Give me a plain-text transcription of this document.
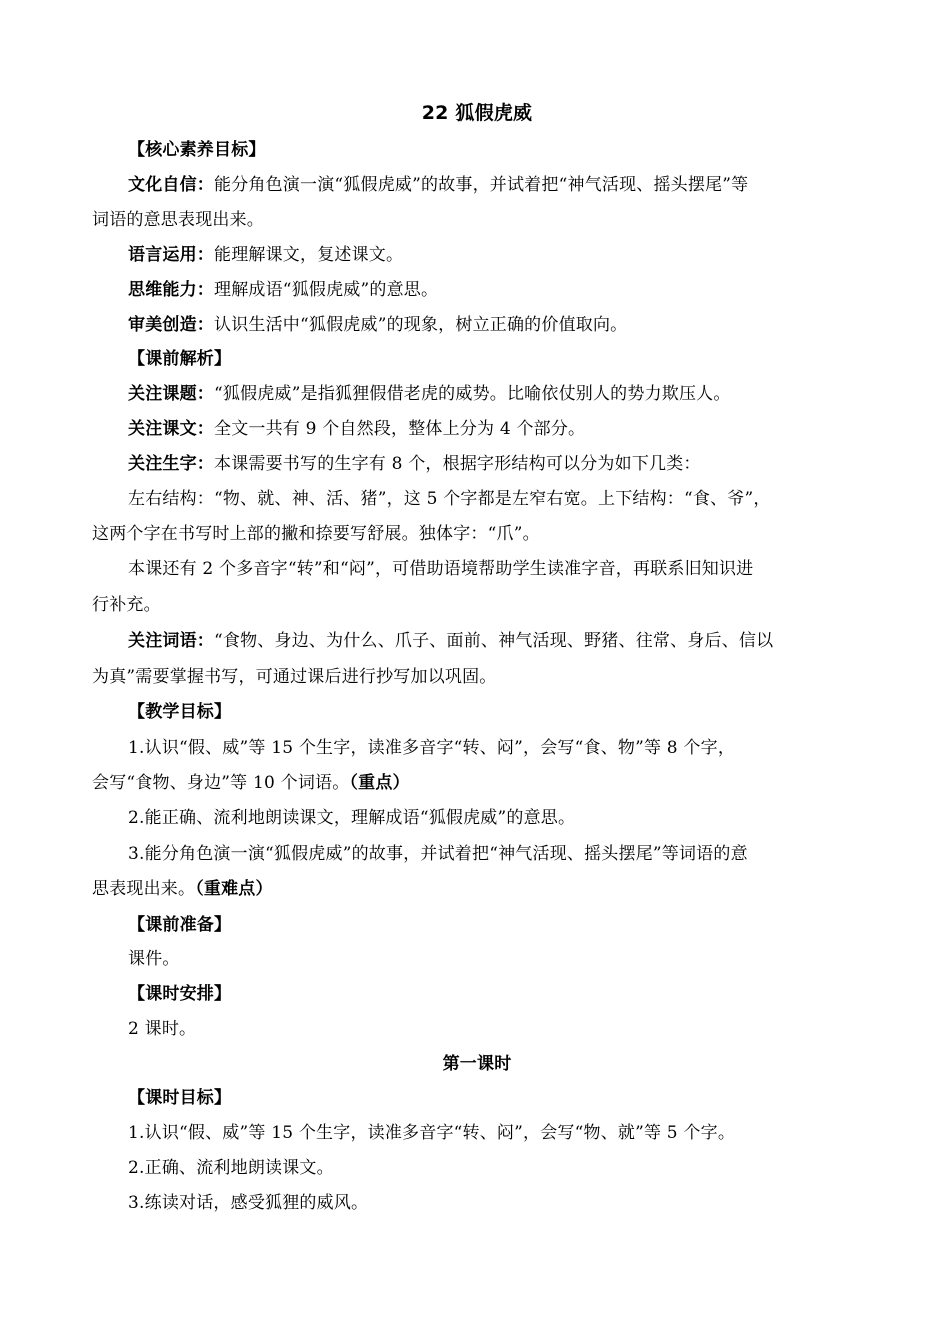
22 狐假虎威
【核心素养目标】
文化自信：能分角色演一演“狐假虎威”的故事，并试着把“神气活现、摇头摆尾”等
词语的意思表现出来。
语言运用：能理解课文，复述课文。
思维能力：理解成语“狐假虎威”的意思。
审美创造：认识生活中“狐假虎威”的现象，树立正确的价值取向。
【课前解析】
关注课题：“狐假虎威”是指狐狸假借老虎的威势。比喻依仗别人的势力欺压人。
关注课文：全文一共有 9 个自然段，整体上分为 4 个部分。
关注生字：本课需要书写的生字有 8 个，根据字形结构可以分为如下几类：
左右结构：“物、就、神、活、猪”，这 5 个字都是左窄右宽。上下结构：“食、爷”，
这两个字在书写时上部的撇和捺要写舒展。独体字：“爪”。
本课还有 2 个多音字“转”和“闷”，可借助语境帮助学生读准字音，再联系旧知识进
行补充。
关注词语：“食物、身边、为什么、爪子、面前、神气活现、野猪、往常、身后、信以
为真”需要掌握书写，可通过课后进行抄写加以巩固。
【教学目标】
1.认识“假、威”等 15 个生字，读准多音字“转、闷”，会写“食、物”等 8 个字，
会写“食物、身边”等 10 个词语。（重点）
2.能正确、流利地朗读课文，理解成语“狐假虎威”的意思。
3.能分角色演一演“狐假虎威”的故事，并试着把“神气活现、摇头摆尾”等词语的意
思表现出来。（重难点）
【课前准备】
课件。
【课时安排】
2 课时。
第一课时
【课时目标】
1.认识“假、威”等 15 个生字，读准多音字“转、闷”，会写“物、就”等 5 个字。
2.正确、流利地朗读课文。
3.练读对话，感受狐狸的威风。
